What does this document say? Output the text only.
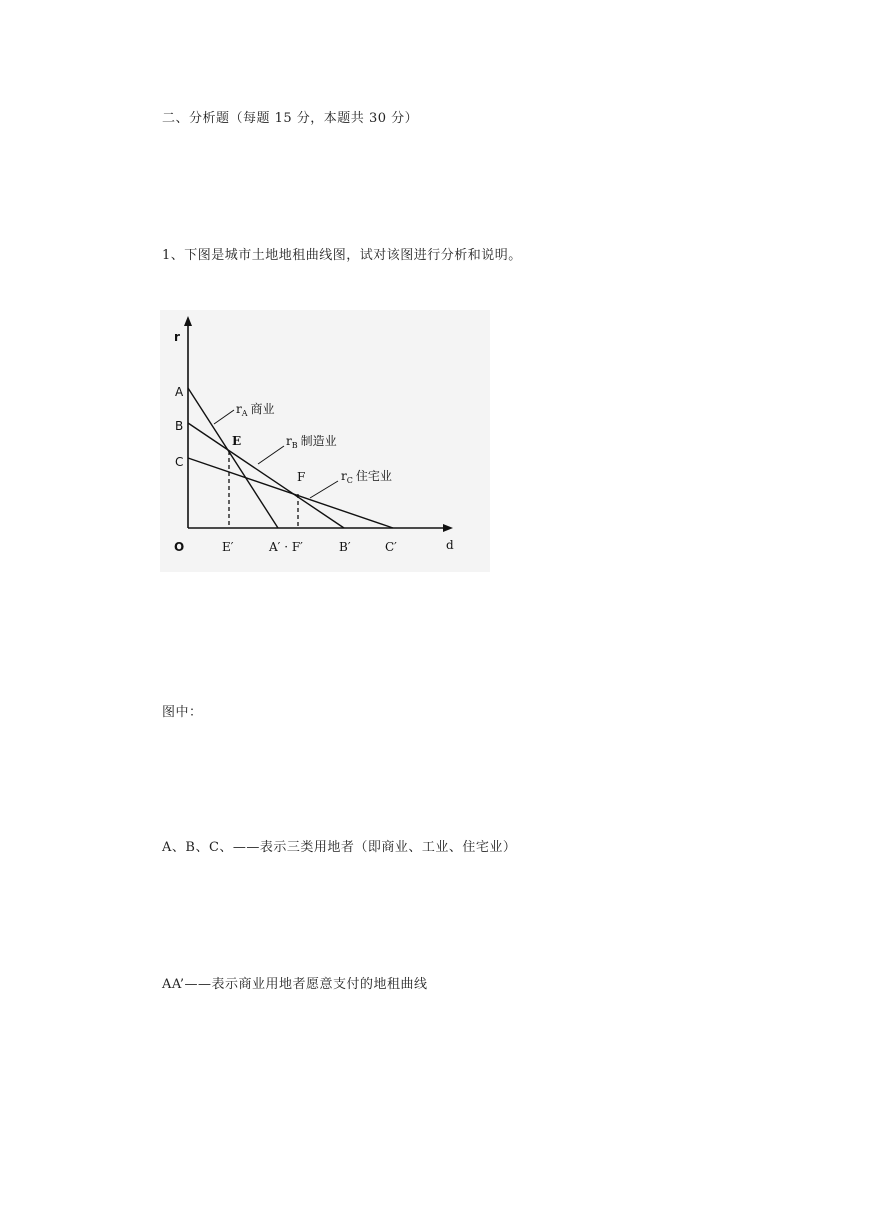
二、分析题（每题 15 分，本题共 30 分）
1、下图是城市土地地租曲线图，试对该图进行分析和说明。
r
d
O
A
B
C
E′	A′ · F′	B′	C′
E
F
$r_A$ 商业
$r_B$ 制造业
$r_C$ 住宅业
图中：
A、B、C、——表示三类用地者（即商业、工业、住宅业）
AA’——表示商业用地者愿意支付的地租曲线
